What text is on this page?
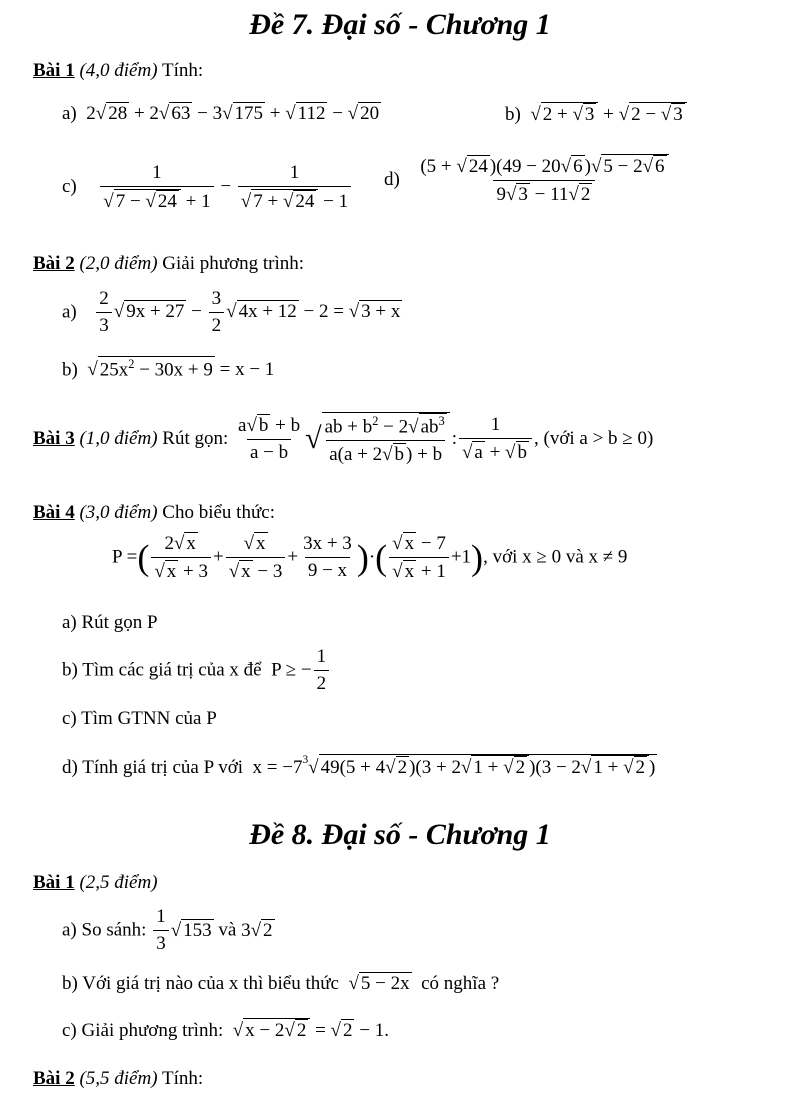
Đề 7. Đại số - Chương 1
Bài 1 (4,0 điểm) Tính:
a) 2√ 28 + 2√ 63 − 3√ 175 + √ 112 − √ 20	b) √ 2 + √ 3 + √ 2 − √ 3
$c) \frac{1}{√ 7 - √ 24 + 1} - \frac{1}{√ 7 + √ 24 - 1} d) \frac{(5 + √ 24 )(49 - 20√ 6 )√ 5 - 2√ 6}{9√ 3 - 11√ 2}$
Bài 2 (2,0 điểm) Giải phương trình:
$a) \frac{2}{3}$ √ $9x + 27 - \frac{3}{2}$ √ 4x + 12 − 2 = √ 3 + x
b) √ $25x^2 - 30x + 9 = x - 1$
Bài 3 (1,0 điểm) Rút gọn: $\frac{a√ b + b}{a - b}$ √ $\frac{ab + b^2 - 2√ ab^3}{a(a + 2√ b ) + b}$ : $\frac{1}{√ a + √ b}$ , (với a > b ≥ 0)
Bài 4 (3,0 điểm) Cho biểu thức:
P =( $\frac{2√ x}{√ x + 3} + \frac{√ x}{√ x - 3} + \frac{3x + 3}{9 - x}$ )·( $\frac{√ x - 7}{√ x + 1} +1$), với x ≥ 0 và x ≠ 9
a) Rút gọn P
b) Tìm các giá trị của x để  P ≥ − $\frac{1}{2}$
c) Tìm GTNN của P
d) Tính giá trị của P với  $x = -7^3√$ 49(5 + 4√ 2 )(3 + 2√ 1 + √ 2 )(3 − 2√ 1 + √ 2 )
Đề 8. Đại số - Chương 1
Bài 1 (2,5 điểm)
a) So sánh: $\frac{1}{3}$ √ 153 và 3√ 2
b) Với giá trị nào của x thì biểu thức  √ 5 − 2x có nghĩa ?
c) Giải phương trình:  √ x − 2√ 2 = √ 2 − 1.
Bài 2 (5,5 điểm) Tính:
